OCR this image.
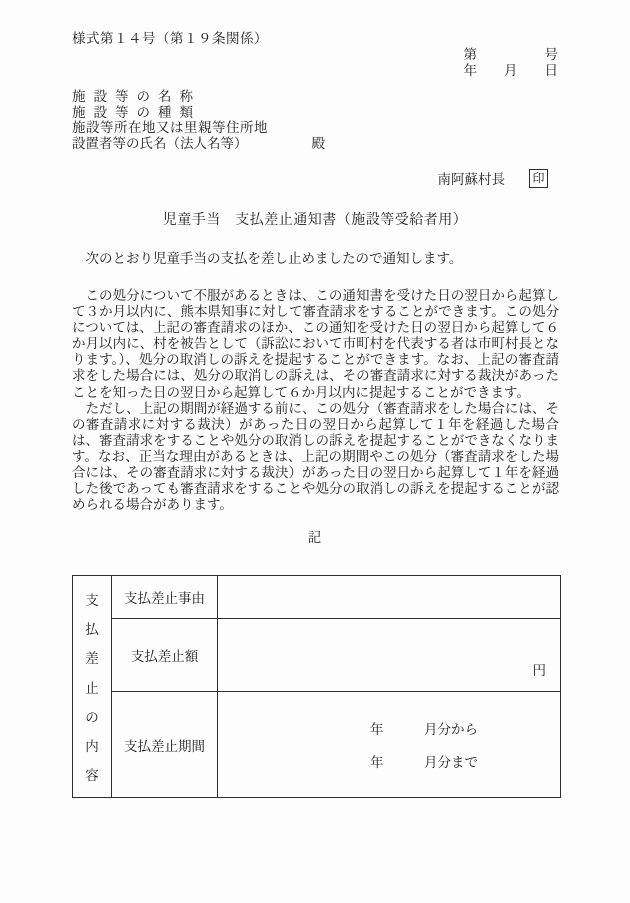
様式第１４号（第１９条関係）
第　　　　　号
年　　月　　日
施設等の名称
施設等の種類
施設等所在地又は里親等住所地
設置者等の氏名（法人名等）	殿
南阿蘇村長 印
児童手当　支払差止通知書（施設等受給者用）
次のとおり児童手当の支払を差し止めましたので通知します。

この処分について不服があるときは、この通知書を受けた日の翌日から起算して３か月以内に、熊本県知事に対して審査請求をすることができます。この処分については、上記の審査請求のほか、この通知を受けた日の翌日から起算して６か月以内に、村を被告として（訴訟において市町村を代表する者は市町村長となります。）、処分の取消しの訴えを提起することができます。なお、上記の審査請求をした場合には、処分の取消しの訴えは、その審査請求に対する裁決があったことを知った日の翌日から起算して６か月以内に提起することができます。

ただし、上記の期間が経過する前に、この処分（審査請求をした場合には、その審査請求に対する裁決）があった日の翌日から起算して１年を経過した場合は、審査請求をすることや処分の取消しの訴えを提起することができなくなります。なお、正当な理由があるときは、上記の期間やこの処分（審査請求をした場合には、その審査請求に対する裁決）があった日の翌日から起算して１年を経過した後であっても審査請求をすることや処分の取消しの訴えを提起することが認められる場合があります。

記
支
払
差
止
の
内
容
	支払差止事由	
	支払差止額	円

	支払差止期間	年　　　月分から
年　　　月分まで
